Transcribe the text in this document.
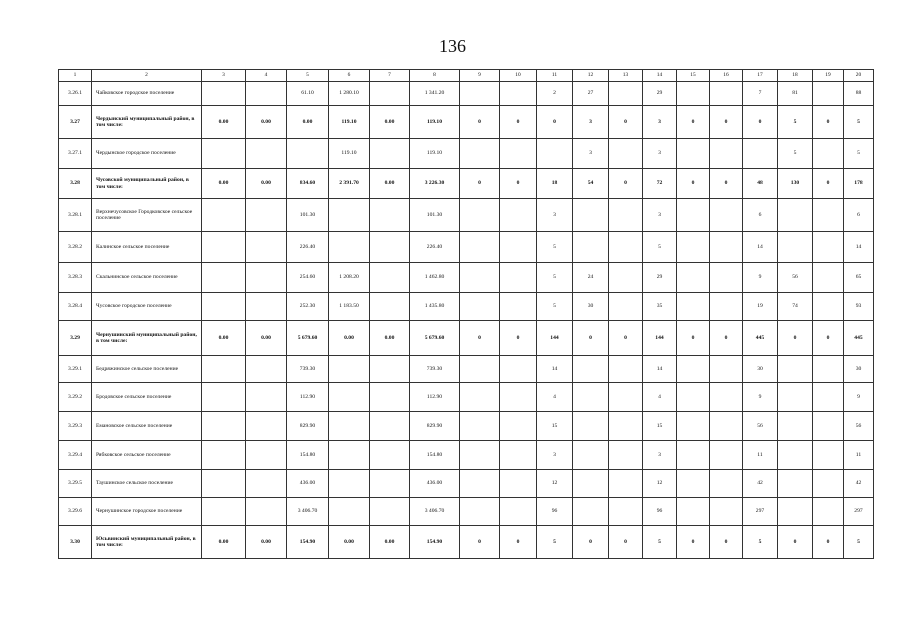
136
1	2	3	4	5	6	7	8	9	10	11	12	13	14	15	16	17	18	19	20
3.26.1	Чайковское городское поселение			61.10	1 280.10		1 341.20			2	27		29			7	81		88
3.27	Чердынский муниципальный район, в том числе:	0.00	0.00	0.00	119.10	0.00	119.10	0	0	0	3	0	3	0	0	0	5	0	5
3.27.1	Чердынское городское поселение				119.10		119.10				3		3				5		5
3.28	Чусовской муниципальный район, в том числе:	0.00	0.00	834.60	2 391.70	0.00	3 226.30	0	0	18	54	0	72	0	0	48	130	0	178
3.28.1	Верхнечусовское Городковское сельское поселение			101.30			101.30			3			3			6			6
3.28.2	Калинское сельское поселение			226.40			226.40			5			5			14			14
3.28.3	Скальнинское сельское поселение			254.60	1 208.20		1 462.80			5	24		29			9	56		65
3.28.4	Чусовское городское поселение			252.30	1 183.50		1 435.80			5	30		35			19	74		93
3.29	Чернушинский муниципальный район, в том числе:	0.00	0.00	5 679.60	0.00	0.00	5 679.60	0	0	144	0	0	144	0	0	445	0	0	445
3.29.1	Бедряжинское сельское поселение			739.30			739.30			14			14			30			30
3.29.2	Бродовское сельское поселение			112.90			112.90			4			4			9			9
3.29.3	Емановское сельское поселение			829.90			829.90			15			15			56			56
3.29.4	Рябковское сельское поселение			154.80			154.80			3			3			11			11
3.29.5	Таушинское сельское поселение			436.00			436.00			12			12			42			42
3.29.6	Чернушинское городское поселение			3 406.70			3 406.70			96			96			297			297
3.30	Юсьвинский муниципальный район, в том числе:	0.00	0.00	154.90	0.00	0.00	154.90	0	0	5	0	0	5	0	0	5	0	0	5
